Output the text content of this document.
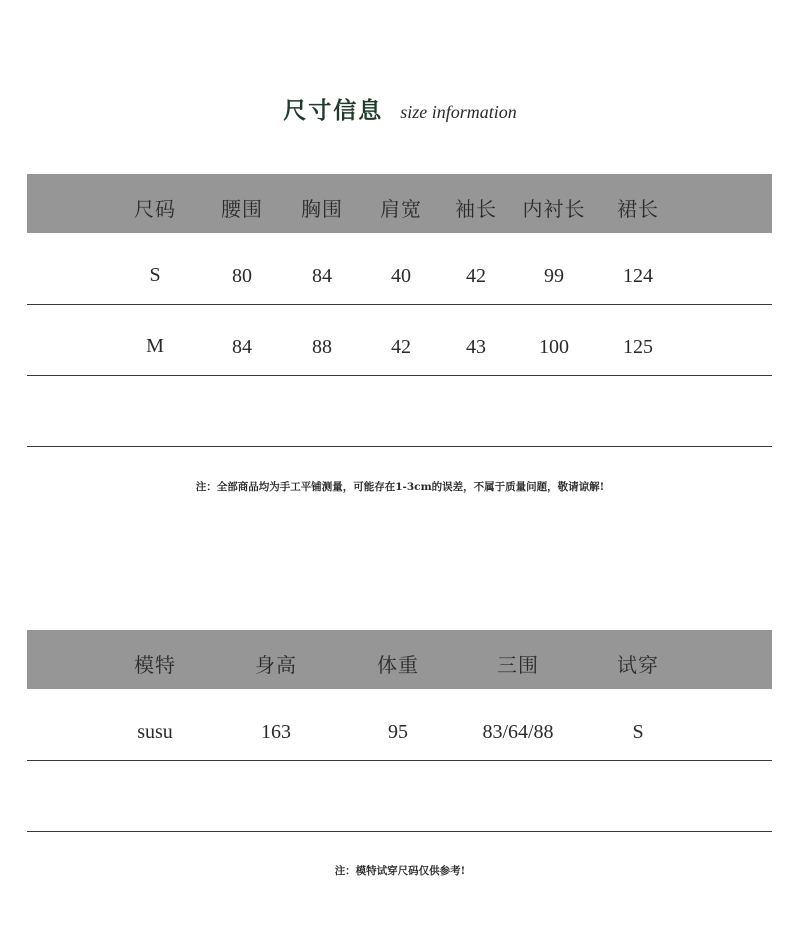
尺寸信息 size information
尺码 腰围 胸围 肩宽 袖长 内衬长 裙长
S	80	84	40	42	99	124
M	84	88	42	43	100	125
注：全部商品均为手工平铺测量，可能存在1-3cm的误差，不属于质量问题，敬请谅解!
模特	身高	体重	三围	试穿
susu	163	95	83/64/88	S
注：模特试穿尺码仅供参考!
